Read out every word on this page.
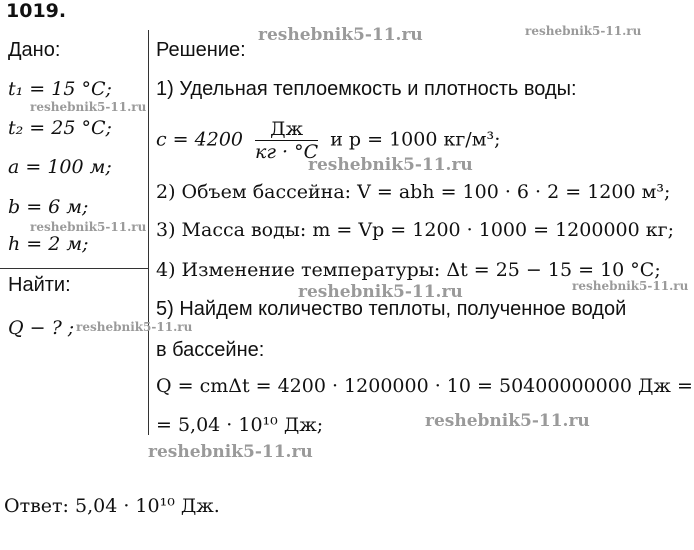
1019.
Дано:
t₁ = 15 °C;
t₂ = 25 °C;
a = 100 м;
b = 6 м;
h = 2 м;
Найти:
Q − ? ;
Решение:
1) Удельная теплоемкость и плотность воды:
$c = 4200 \frac{Дж}{кг \cdot ^\circ C}$ и p = 1000 кг/м³;
2) Объем бассейна: V = abh = 100 · 6 · 2 = 1200 м³;
3) Масса воды: m = Vp = 1200 · 1000 = 1200000 кг;
4) Изменение температуры: Δt = 25 − 15 = 10 °C;
5) Найдем количество теплоты, полученное водой
в бассейне:
Q = cmΔt = 4200 · 1200000 · 10 = 50400000000 Дж =
= 5,04 · 10¹⁰ Дж;
Ответ: 5,04 · 10¹⁰ Дж.
reshebnik5-11.ru	reshebnik5-11.ru
reshebnik5-11.ru
reshebnik5-11.ru
reshebnik5-11.ru
reshebnik5-11.ru	reshebnik5-11.ru
reshebnik5-11.ru
reshebnik5-11.ru
reshebnik5-11.ru
